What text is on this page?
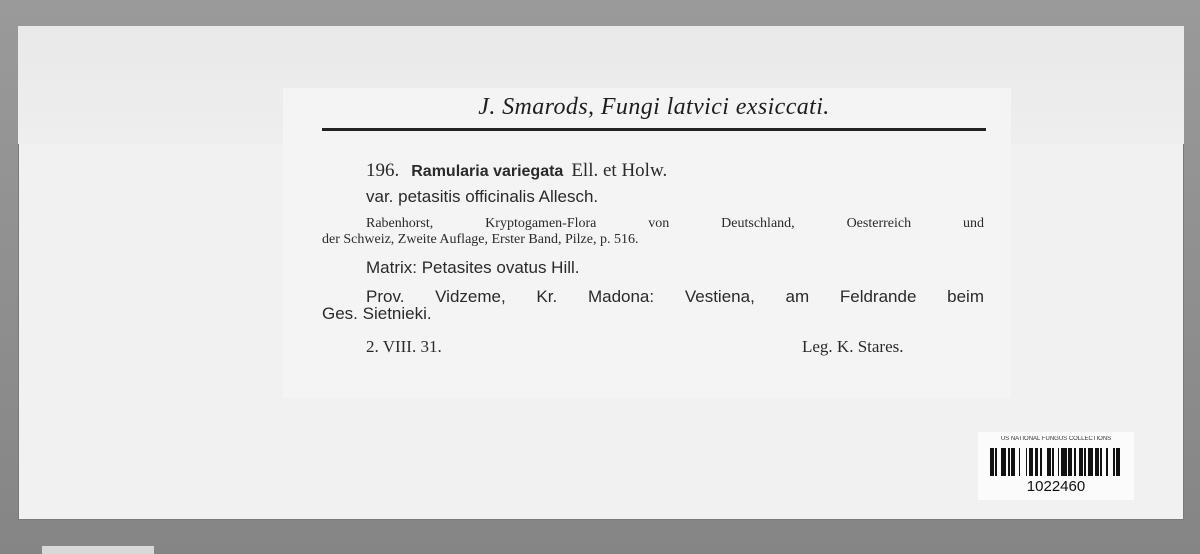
J. Smarods, Fungi latvici exsiccati.
196. Ramularia variegata Ell. et Holw.
var. petasitis officinalis Allesch.
Rabenhorst, Kryptogamen-Flora von Deutschland, Oesterreich und
der Schweiz, Zweite Auflage, Erster Band, Pilze, p. 516.
Matrix: Petasites ovatus Hill.
Prov. Vidzeme, Kr. Madona: Vestiena, am Feldrande beim
Ges. Sietnieki.
2. VIII. 31.	Leg. K. Stares.
US NATIONAL FUNGUS COLLECTIONS
1022460
